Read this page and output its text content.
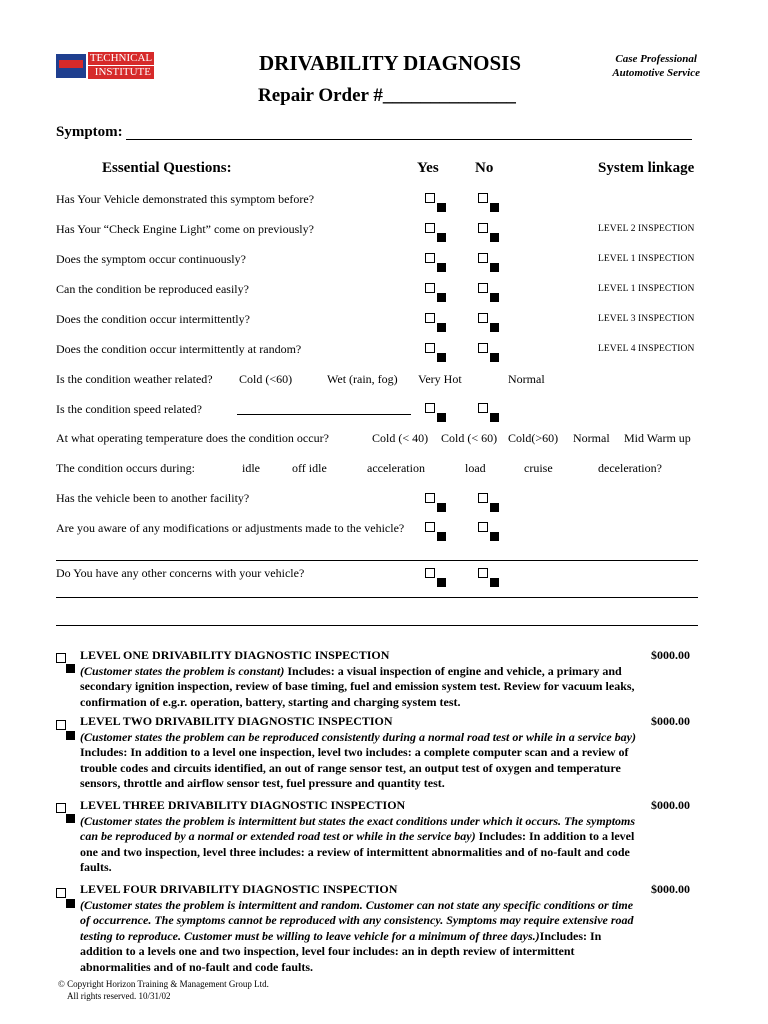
TECHNICAL
INSTITUTE	DRIVABILITY DIAGNOSIS
Repair Order #______________
Case Professional
Automotive Service
Symptom:
Essential Questions:	Yes No	System linkage
Has Your Vehicle demonstrated this symptom before?
Has Your “Check Engine Light” come on previously?	LEVEL 2 INSPECTION
Does the symptom occur continuously?	LEVEL 1 INSPECTION
Can the condition be reproduced easily?	LEVEL 1 INSPECTION
Does the condition occur intermittently?	LEVEL 3 INSPECTION
Does the condition occur intermittently at random?	LEVEL 4 INSPECTION
Is the condition weather related? Cold (<60)	Wet (rain, fog) Very Hot	Normal
Is the condition speed related?
At what operating temperature does the condition occur?	Cold (< 40) Cold (< 60) Cold(>60) Normal Mid Warm up
The condition occurs during:	idle	off idle	acceleration	load	cruise	deceleration?
Has the vehicle been to another facility?
Are you aware of any modifications or adjustments made to the vehicle?
Do You have any other concerns with your vehicle?
LEVEL ONE DRIVABILITY DIAGNOSTIC INSPECTION
(Customer states the problem is constant) Includes: a visual inspection of engine and vehicle, a primary and secondary ignition inspection, review of base timing, fuel and emission system test. Review for vacuum leaks, confirmation of e.g.r. operation, battery, starting and charging system test.
$000.00
LEVEL TWO DRIVABILITY DIAGNOSTIC INSPECTION
(Customer states the problem can be reproduced consistently during a normal road test or while in a service bay) Includes: In addition to a level one inspection, level two includes: a complete computer scan and a review of trouble codes and circuits identified, an out of range sensor test, an output test of oxygen and temperature sensors, throttle and airflow sensor test, fuel pressure and quantity test.
$000.00
LEVEL THREE DRIVABILITY DIAGNOSTIC INSPECTION
(Customer states the problem is intermittent but states the exact conditions under which it occurs. The symptoms can be reproduced by a normal or extended road test or while in the service bay) Includes: In addition to a level one and two inspection, level three includes: a review of intermittent abnormalities and of no-fault and code faults.
$000.00
LEVEL FOUR DRIVABILITY DIAGNOSTIC INSPECTION
(Customer states the problem is intermittent and random. Customer can not state any specific conditions or time of occurrence. The symptoms cannot be reproduced with any consistency. Symptoms may require extensive road testing to reproduce. Customer must be willing to leave vehicle for a minimum of three days.)Includes: In addition to a levels one and two inspection, level four includes: an in depth review of intermittent abnormalities and of no-fault and code faults.
$000.00
© Copyright Horizon Training & Management Group Ltd.
All rights reserved. 10/31/02
